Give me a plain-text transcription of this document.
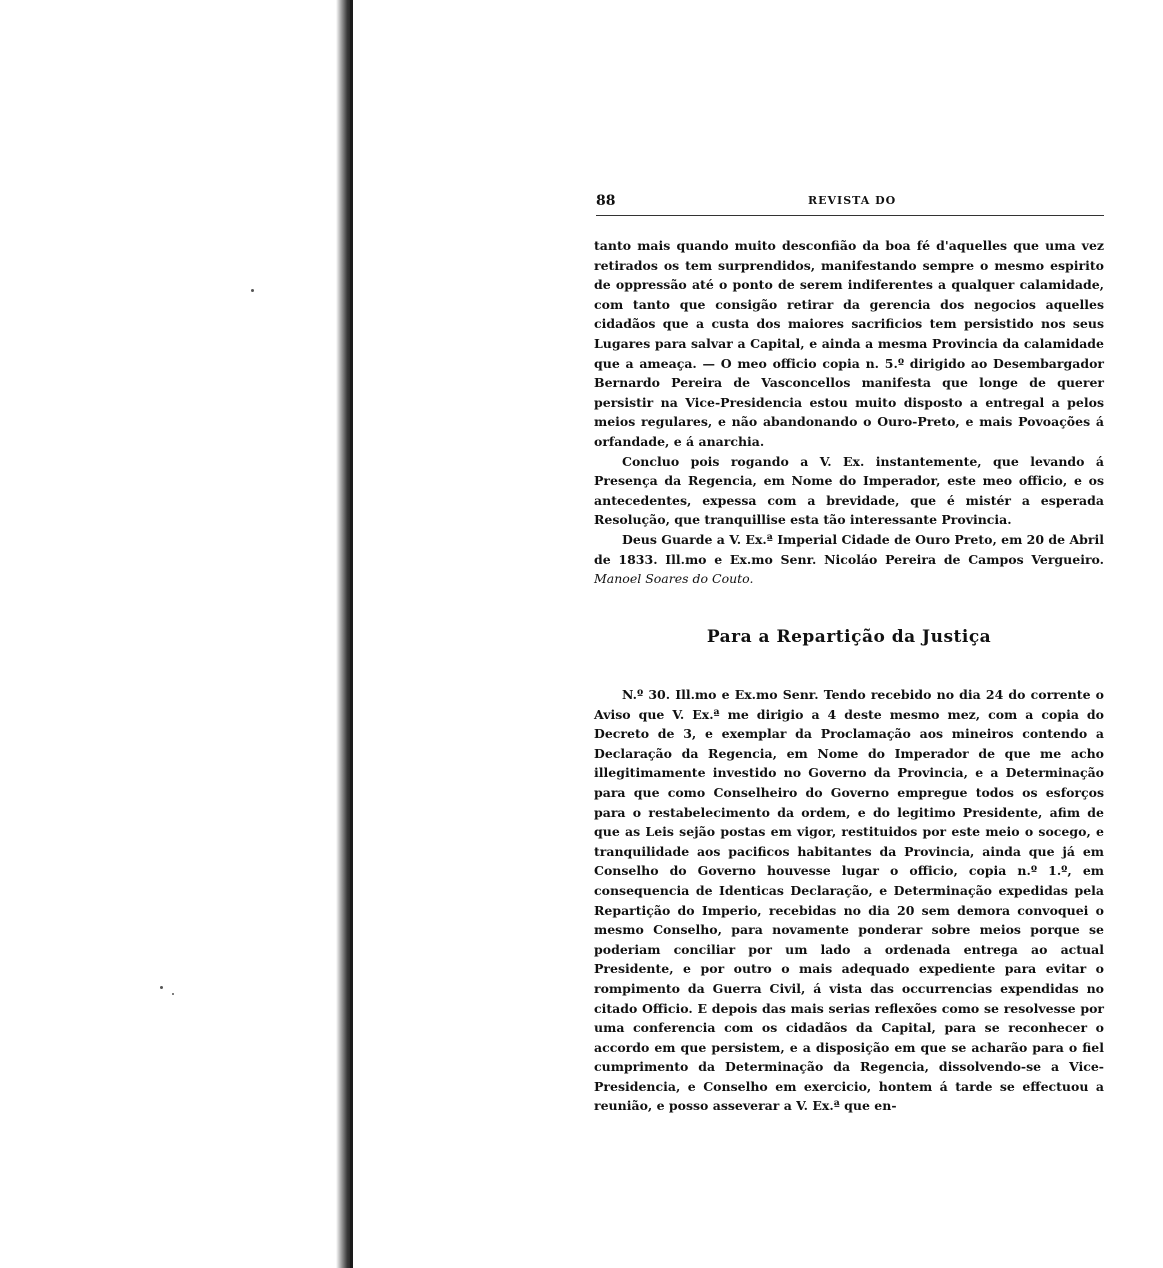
88	REVISTA DO

tanto mais quando muito desconfião da boa fé d'aquelles que uma vez retirados os tem surprendidos, manifestando sempre o mesmo espirito de oppressão até o ponto de serem indiferentes a qualquer calamidade, com tanto que consigão retirar da gerencia dos negocios aquelles cidadãos que a custa dos maiores sacrificios tem persistido nos seus Lugares para salvar a Capital, e ainda a mesma Provincia da calamidade que a ameaça. — O meo officio copia n. 5.º dirigido ao Desembargador Bernardo Pereira de Vasconcellos manifesta que longe de querer persistir na Vice-Presidencia estou muito disposto a entregal a pelos meios regulares, e não abandonando o Ouro-Preto, e mais Povoações á orfandade, e á anarchia.

Concluo pois rogando a V. Ex. instantemente, que levando á Presença da Regencia, em Nome do Imperador, este meo officio, e os antecedentes, expessa com a brevidade, que é mistér a esperada Resolução, que tranquillise esta tão interessante Provincia.

Deus Guarde a V. Ex.ª Imperial Cidade de Ouro Preto, em 20 de Abril de 1833. Ill.mo e Ex.mo Senr. Nicoláo Pereira de Campos Vergueiro. Manoel Soares do Couto.

Para a Repartição da Justiça

N.º 30. Ill.mo e Ex.mo Senr. Tendo recebido no dia 24 do corrente o Aviso que V. Ex.ª me dirigio a 4 deste mesmo mez, com a copia do Decreto de 3, e exemplar da Proclamação aos mineiros contendo a Declaração da Regencia, em Nome do Imperador de que me acho illegitimamente investido no Governo da Provincia, e a Determinação para que como Conselheiro do Governo empregue todos os esforços para o restabelecimento da ordem, e do legitimo Presidente, afim de que as Leis sejão postas em vigor, restituidos por este meio o socego, e tranquilidade aos pacificos habitantes da Provincia, ainda que já em Conselho do Governo houvesse lugar o officio, copia n.º 1.º, em consequencia de Identicas Declaração, e Determinação expedidas pela Repartição do Imperio, recebidas no dia 20 sem demora convoquei o mesmo Conselho, para novamente ponderar sobre meios porque se poderiam conciliar por um lado a ordenada entrega ao actual Presidente, e por outro o mais adequado expediente para evitar o rompimento da Guerra Civil, á vista das occurrencias expendidas no citado Officio. E depois das mais serias reflexões como se resolvesse por uma conferencia com os cidadãos da Capital, para se reconhecer o accordo em que persistem, e a disposição em que se acharão para o fiel cumprimento da Determinação da Regencia, dissolvendo-se a Vice-Presidencia, e Conselho em exercicio, hontem á tarde se effectuou a reunião, e posso asseverar a V. Ex.ª que en-
